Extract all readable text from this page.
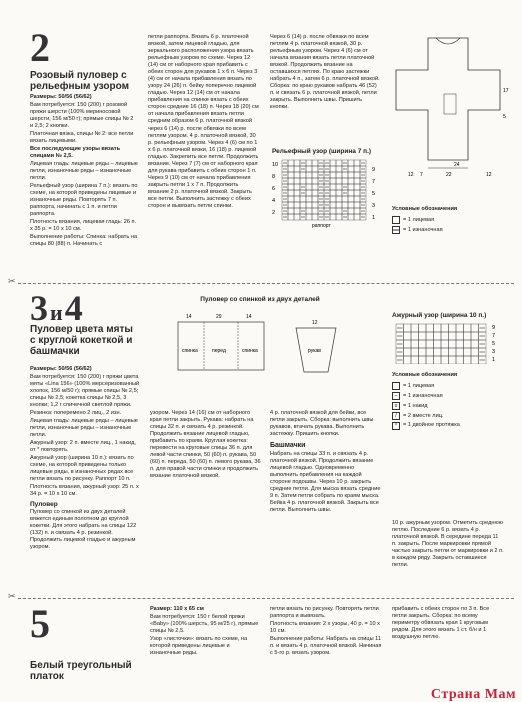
2
Розовый пуловер с рельефным узором

Размеры: 50/56 (56/62)

Вам потребуется: 150 (200) г розовой пряжи шерсти (100% мериносовой шерсти, 156 м/50 г); прямые спицы № 2 и 2,5; 2 кнопки.

Платочная вязка, спицы № 2: все петли вязать лицевыми.

Все последующие узоры вязать спицами № 2,5.

Лицевая гладь: лицевые ряды – лицевые петли, изнаночные ряды – изнаночные петли.

Рельефный узор (ширина 7 п.): вязать по схеме, на которой приведены лицевые и изнаночные ряды. Повторять 7 п. раппорта, начинать с 1 п. и петли раппорта.

Плотность вязания, лицевая гладь: 26 п. х 35 р. = 10 х 10 см.

Выполнение работы: Спинка: набрать на спицы 80 (88) п. Начинать с

петли раппорта. Вязать 6 р. платочной вязкой, затем лицевой гладью, для зеркального расположения узора вязать рельефным узором по схеме. Через 12 (14) см от наборного края прибавить с обеих сторон для рукавов 1 х 6 п. Через 3 (4) см от начала прибавления вязать по узору 24 (26) п. бейку поперечно лицевой гладью. Через 12 (14) см от начала прибавления на спинке вязать с обеих сторон средние 16 (18) п. Через 18 (20) см от начала прибавления вязать петли средним образом 6 р. платочной вязкой

через 6 (14) р. после обвязки по всем петлям узором. 4 р. платочной вязкой, 30 р. рельефным узором. Через 4 (6) см по 1 х 6 р. платочной вязки, 16 (18) р. лицевой гладью. Закрепить все петли. Продолжить вязание. Через 7 (7) см от наборного края для рукава прибавить с обеих сторон 1 п. Через 9 (10) см от начала прибавления закрыть петли 1 х 7 п. Продолжить вязание 2 р. платочной вязкой. Закрыть все петли. Выполнить застежку с обеих сторон и вывязать петли спинки.

Через 6 (14) р. после обвязки по всем петлям 4 р. платочной вязкой, 30 р. рельефным узором. Через 4 (6) см от начала вязания вязать петли платочной вязкой. Продолжить вязание на оставшихся петлях. По краю застежки набрать 4 п., затем 6 р. платочной вязкой. Сборка: по краю рукавов набрать 46 (52) п. и связать 6 р. платочной вязкой, петли закрыть. Выполнить швы. Пришить кнопки.

12 7	12
22
24
17
5
Рельефный узор (ширина 7 п.)
10
8
6
4
2
9
7
5
3
1
раппорт
Условные обозначения
= 1 лицевая
= 1 изнаночная
✂
3и4
Пуловер цвета мяты с круглой кокеткой и башмачки

Размеры: 50/56 (56/62)

Вам потребуется: 150 (200) г пряжи цвета мяты «Lina 156» (100% мерсеризованный хлопок, 156 м/50 г); прямые спицы № 2,5; спицы № 2,5; кокетка спицы № 2,5, 3 кнопки; 1,2 г спичечной светлой пряжи.

Резинка: поперемено 2 лиц., 2 изн.

Лицевая гладь: лицевые ряды – лицевые петли, изнаночные ряды – изнаночные петли.

Ажурный узор: 2 п. вместе лиц., 1 накид, от * повторять.

Ажурный узор (ширина 10 п.): вязать по схеме, на которой приведены только лицевые ряды, в изнаночных рядах все петли вязать по рисунку. Раппорт 10 п.

Плотность вязания, ажурный узор: 25 п. х 34 р. = 10 х 10 см.

Пуловер

Пуловер со спинкой из двух деталей вяжется единым полотном до круглой кокетки. Для этого набрать на спицы 122 (132) п. и связать 4 р. резинкой. Продолжить лицевой гладью и ажурным узором.

Пуловер со спинкой из двух деталей
спинка	перед	спинка	рукав
14	29	14
12
Ажурный узор (ширина 10 п.)
9
7
5
3
1
Условные обозначения
= 1 лицевая
–	= 1 изнаночная
o	= 1 накид
/	= 2 вместе лиц.
^	= 1 двойное протяжка

узором. Через 14 (16) см от наборного края петли закрыть. Рукава: набрать на спицы 32 п. и связать 4 р. резинкой. Продолжить вязание лицевой гладью, прибавить по краям. Круглая кокетка: перевести на круговые спицы 36 п. для левой части спинки, 50 (60) п. рукава, 50 (60) п. переда, 50 (60) п. левого рукава, 36 п. для правой части спинки и продолжить вязание платочной вязкой.

4 р. платочной вязкой для бейки, все петли закрыть. Сборка: выполнить швы рукавов, втачать рукава. Выполнить застежку. Пришить кнопки.

Башмачки

Набрать на спицы 33 п. и связать 4 р. платочной вязкой. Продолжить вязание лицевой гладью. Одновременно выполнить прибавления на каждой стороне подошвы. Через 10 р. закрыть средние петли. Для мыска вязать средние 9 п. Затем петли собрать по краям мыска. Бейка 4 р. платочной вязкой. Закрыть все петли. Выполнить швы.

10 р. ажурным узором. Отметить среднюю петлю. Последние 6 р. вязать 4 р. платочной вязкой. В середине переда 11 п. закрыть. После маркировки прямой частью закрыть петли от маркировки и 2 п. в каждом ряду. Закрыть оставшиеся петли.

✂
5
Белый треугольный платок

Размер: 110 х 65 см

Вам потребуется: 150 г белой пряжи «Baby» (100% шерсть, 95 м/25 г), прямые спицы № 2,5.

Узор «листочки»: вязать по схеме, на которой приведены лицевые и изнаночные ряды.

петли вязать по рисунку. Повторять петли раппорта и вывязать.

Плотность вязания: 2 х узоры, 40 р. = 10 х 10 см.

Выполнение работы: Набрать на спицы 11 п. и вязать 4 р. платочной вязкой. Начиная с 5-го р. вязать узором.

прибавить с обеих сторон по 3 п. Все петли закрыть. Сборка: по всему периметру обвязать края 1 круговым рядом. Для этого вязать 1 ст. б/н и 1 воздушную петлю.

Страна Мам
